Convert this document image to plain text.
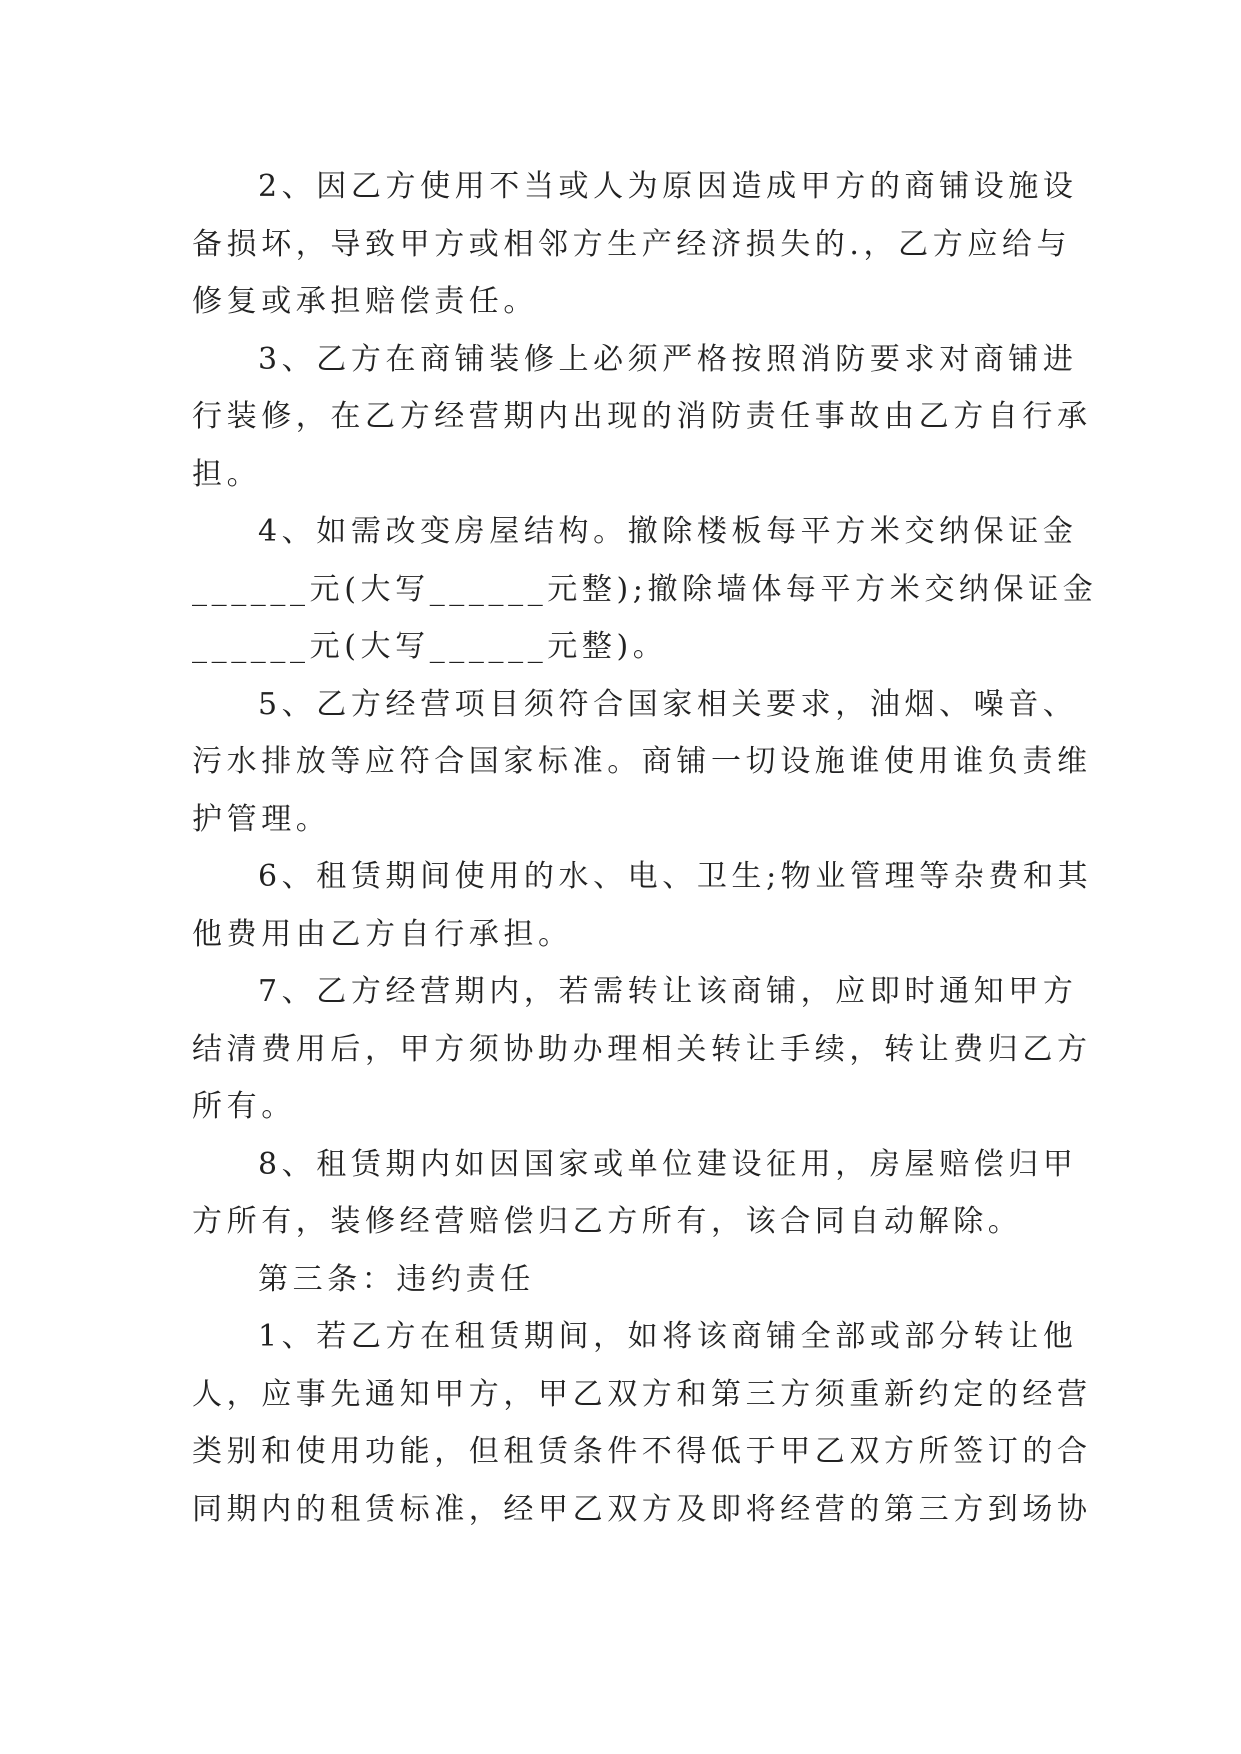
2、因乙方使用不当或人为原因造成甲方的商铺设施设
备损坏，导致甲方或相邻方生产经济损失的.，乙方应给与
修复或承担赔偿责任。

3、乙方在商铺装修上必须严格按照消防要求对商铺进
行装修，在乙方经营期内出现的消防责任事故由乙方自行承
担。

4、如需改变房屋结构。撤除楼板每平方米交纳保证金
______元(大写______元整);撤除墙体每平方米交纳保证金
______元(大写______元整)。

5、乙方经营项目须符合国家相关要求，油烟、噪音、
污水排放等应符合国家标准。商铺一切设施谁使用谁负责维
护管理。

6、租赁期间使用的水、电、卫生;物业管理等杂费和其
他费用由乙方自行承担。

7、乙方经营期内，若需转让该商铺，应即时通知甲方
结清费用后，甲方须协助办理相关转让手续，转让费归乙方
所有。

8、租赁期内如因国家或单位建设征用，房屋赔偿归甲
方所有，装修经营赔偿归乙方所有，该合同自动解除。

第三条：违约责任

1、若乙方在租赁期间，如将该商铺全部或部分转让他
人，应事先通知甲方，甲乙双方和第三方须重新约定的经营
类别和使用功能，但租赁条件不得低于甲乙双方所签订的合
同期内的租赁标准，经甲乙双方及即将经营的第三方到场协
